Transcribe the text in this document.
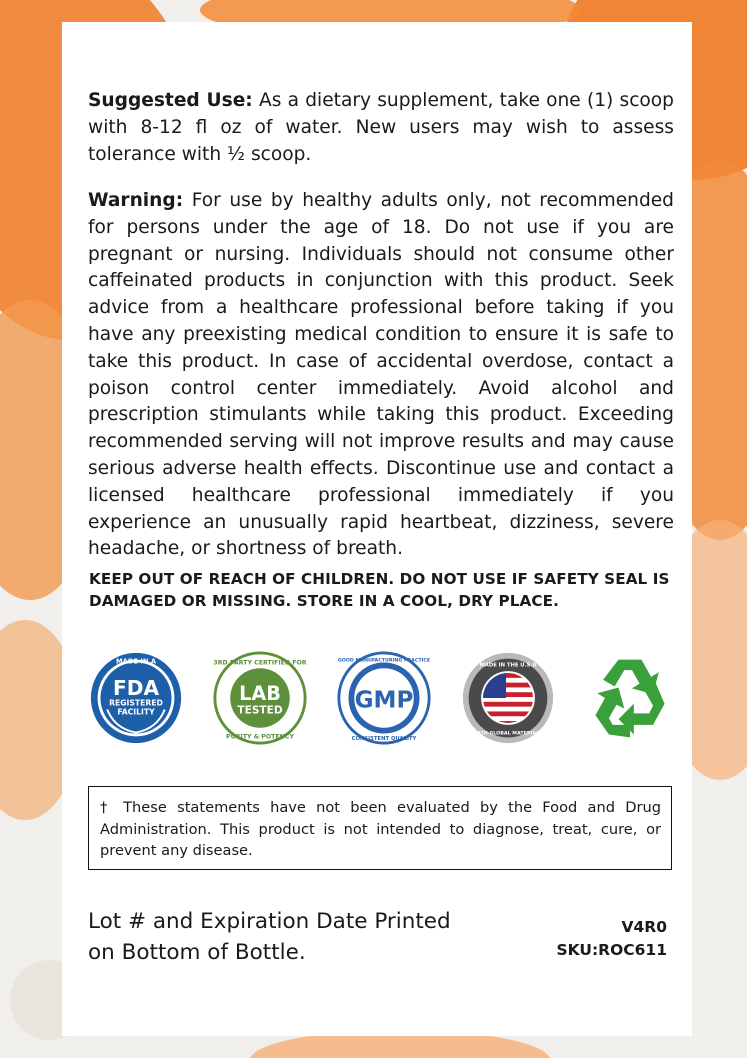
Suggested Use: As a dietary supplement, take one (1) scoop with 8-12 fl oz of water. New users may wish to assess tolerance with ½ scoop.
Warning: For use by healthy adults only, not recommended for persons under the age of 18. Do not use if you are pregnant or nursing. Individuals should not consume other caffeinated products in conjunction with this product. Seek advice from a healthcare professional before taking if you have any preexisting medical condition to ensure it is safe to take this product. In case of accidental overdose, contact a poison control center immediately. Avoid alcohol and prescription stimulants while taking this product. Exceeding recommended serving will not improve results and may cause serious adverse health effects. Discontinue use and contact a licensed healthcare professional immediately if you experience an unusually rapid heartbeat, dizziness, severe headache, or shortness of breath.
KEEP OUT OF REACH OF CHILDREN. DO NOT USE IF SAFETY SEAL IS DAMAGED OR MISSING. STORE IN A COOL, DRY PLACE.
MADE IN A
FDA
REGISTERED
FACILITY
3RD PARTY CERTIFIED FOR
LAB
TESTED
PURITY & POTENCY
GOOD MANUFACTURING PRACTICE
GMP
CONSISTENT QUALITY
MADE IN THE U.S.A
WITH GLOBAL MATERIALS
† These statements have not been evaluated by the Food and Drug Administration. This product is not intended to diagnose, treat, cure, or prevent any disease.
Lot # and Expiration Date Printed
on Bottom of Bottle.
V4R0
SKU:ROC611
